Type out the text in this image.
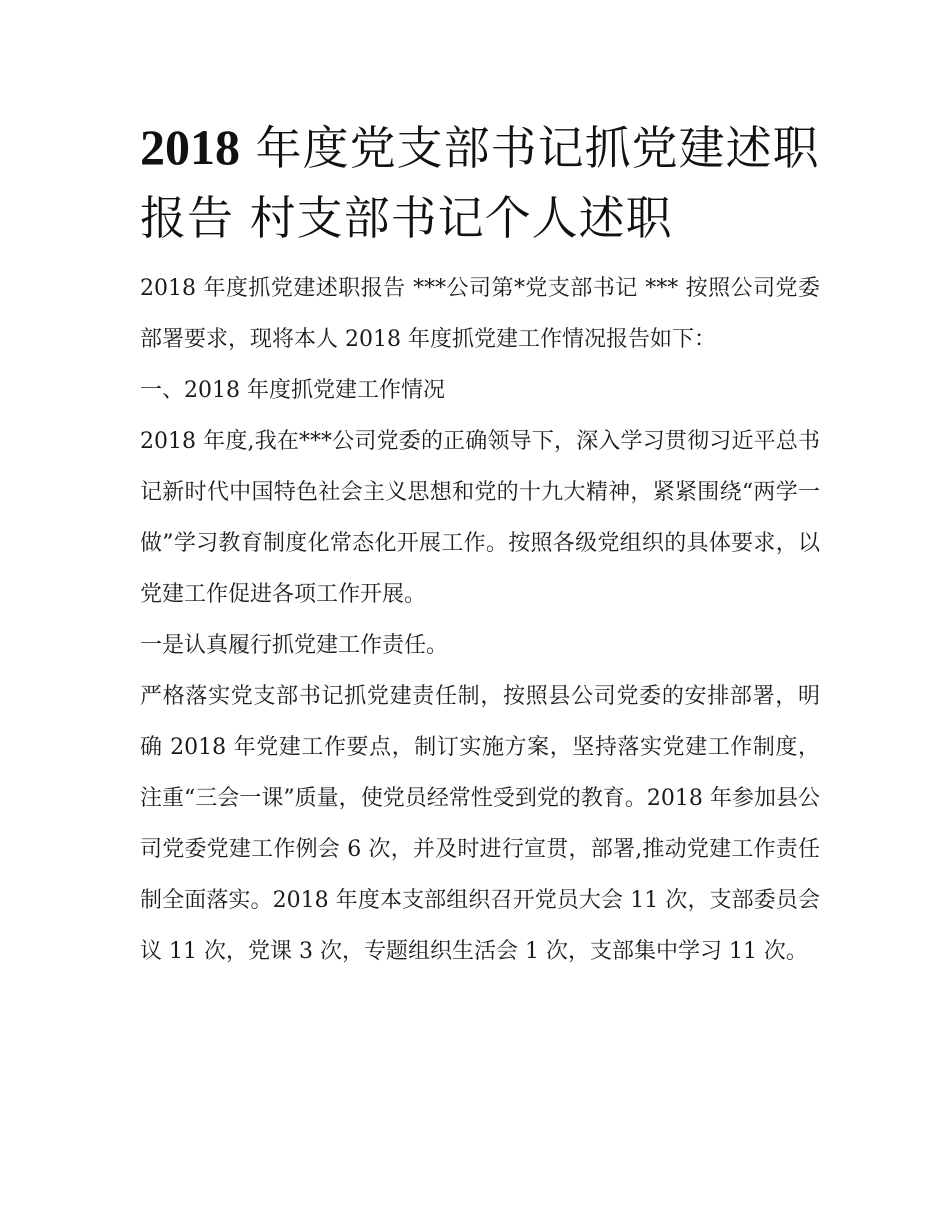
2018 年度党支部书记抓党建述职报告 村支部书记个人述职

2018 年度抓党建述职报告 ***公司第*党支部书记 *** 按照公司党委部署要求，现将本人 2018 年度抓党建工作情况报告如下：

一、2018 年度抓党建工作情况

2018 年度,我在***公司党委的正确领导下，深入学习贯彻习近平总书记新时代中国特色社会主义思想和党的十九大精神，紧紧围绕“两学一做”学习教育制度化常态化开展工作。按照各级党组织的具体要求，以党建工作促进各项工作开展。

一是认真履行抓党建工作责任。

严格落实党支部书记抓党建责任制，按照县公司党委的安排部署，明确 2018 年党建工作要点，制订实施方案，坚持落实党建工作制度，注重“三会一课”质量，使党员经常性受到党的教育。2018 年参加县公司党委党建工作例会 6 次，并及时进行宣贯，部署,推动党建工作责任制全面落实。2018 年度本支部组织召开党员大会 11 次，支部委员会议 11 次，党课 3 次，专题组织生活会 1 次，支部集中学习 11 次。
